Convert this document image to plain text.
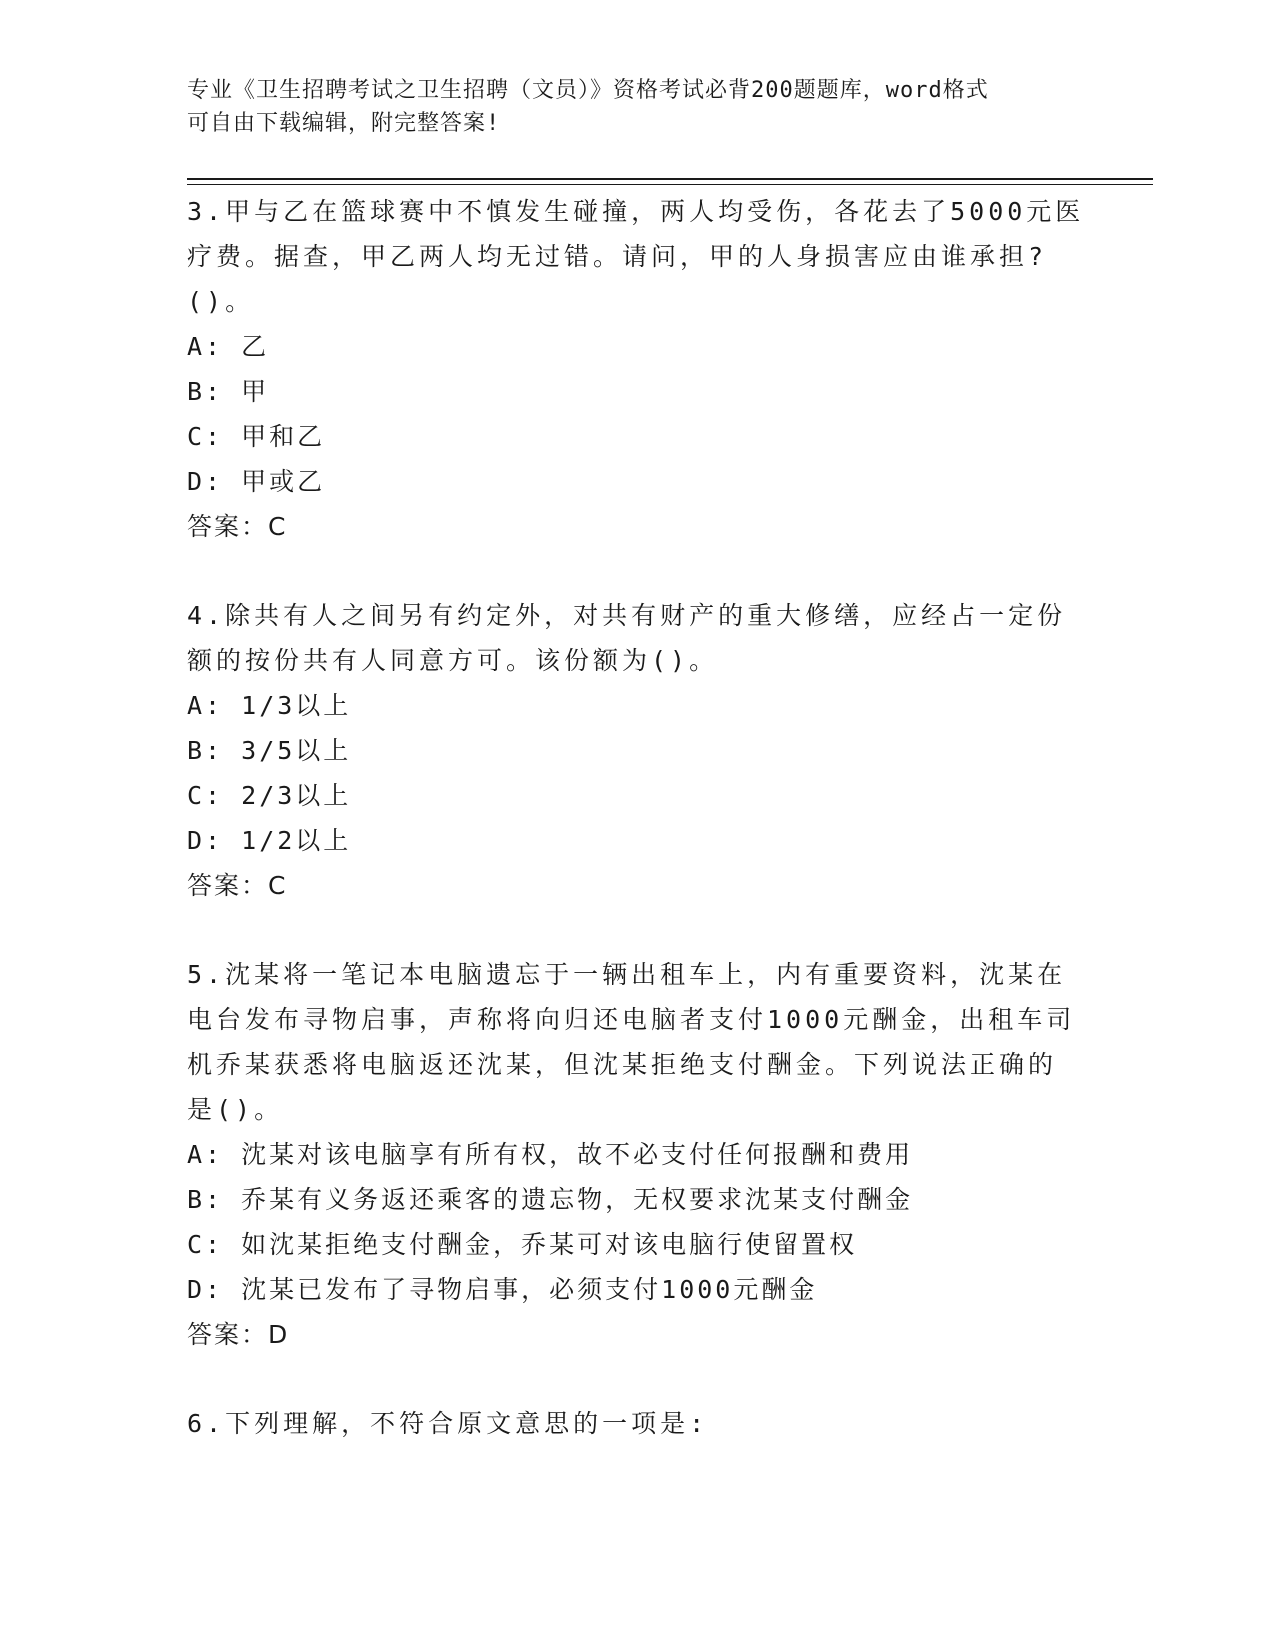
专业《卫生招聘考试之卫生招聘（文员）》资格考试必背200题题库，word格式
可自由下载编辑，附完整答案!

3.甲与乙在篮球赛中不慎发生碰撞，两人均受伤，各花去了5000元医

疗费。据查，甲乙两人均无过错。请问，甲的人身损害应由谁承担?

()。

A: 乙

B: 甲

C: 甲和乙

D: 甲或乙

答案：C

4.除共有人之间另有约定外，对共有财产的重大修缮，应经占一定份

额的按份共有人同意方可。该份额为()。

A: 1/3以上

B: 3/5以上

C: 2/3以上

D: 1/2以上

答案：C

5.沈某将一笔记本电脑遗忘于一辆出租车上，内有重要资料，沈某在

电台发布寻物启事，声称将向归还电脑者支付1000元酬金，出租车司

机乔某获悉将电脑返还沈某，但沈某拒绝支付酬金。下列说法正确的

是()。

A: 沈某对该电脑享有所有权，故不必支付任何报酬和费用

B: 乔某有义务返还乘客的遗忘物，无权要求沈某支付酬金

C: 如沈某拒绝支付酬金，乔某可对该电脑行使留置权

D: 沈某已发布了寻物启事，必须支付1000元酬金

答案：D

6.下列理解，不符合原文意思的一项是:
